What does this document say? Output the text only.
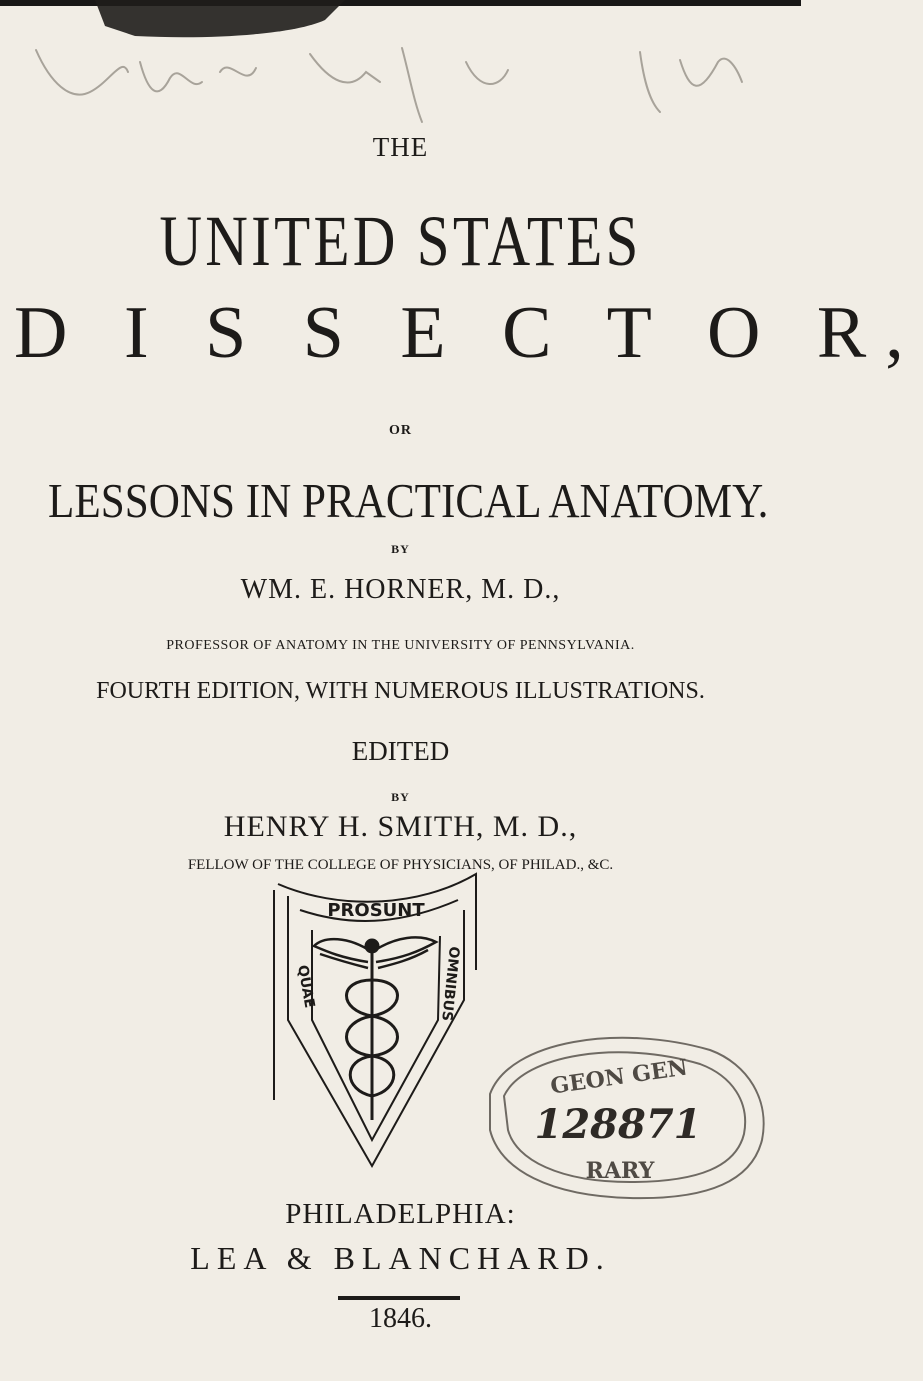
THE
UNITED STATES
D I S S E C T O R,
OR
LESSONS IN PRACTICAL ANATOMY.
BY
WM. E. HORNER, M. D.,
PROFESSOR OF ANATOMY IN THE UNIVERSITY OF PENNSYLVANIA.
FOURTH EDITION, WITH NUMEROUS ILLUSTRATIONS.
EDITED
BY
HENRY H. SMITH, M. D.,
FELLOW OF THE COLLEGE OF PHYSICIANS, OF PHILAD., &C.
PROSUNT
QUAE	OMNIBUS
GEON GEN
128871
RARY
PHILADELPHIA:
LEA & BLANCHARD.
1846.
